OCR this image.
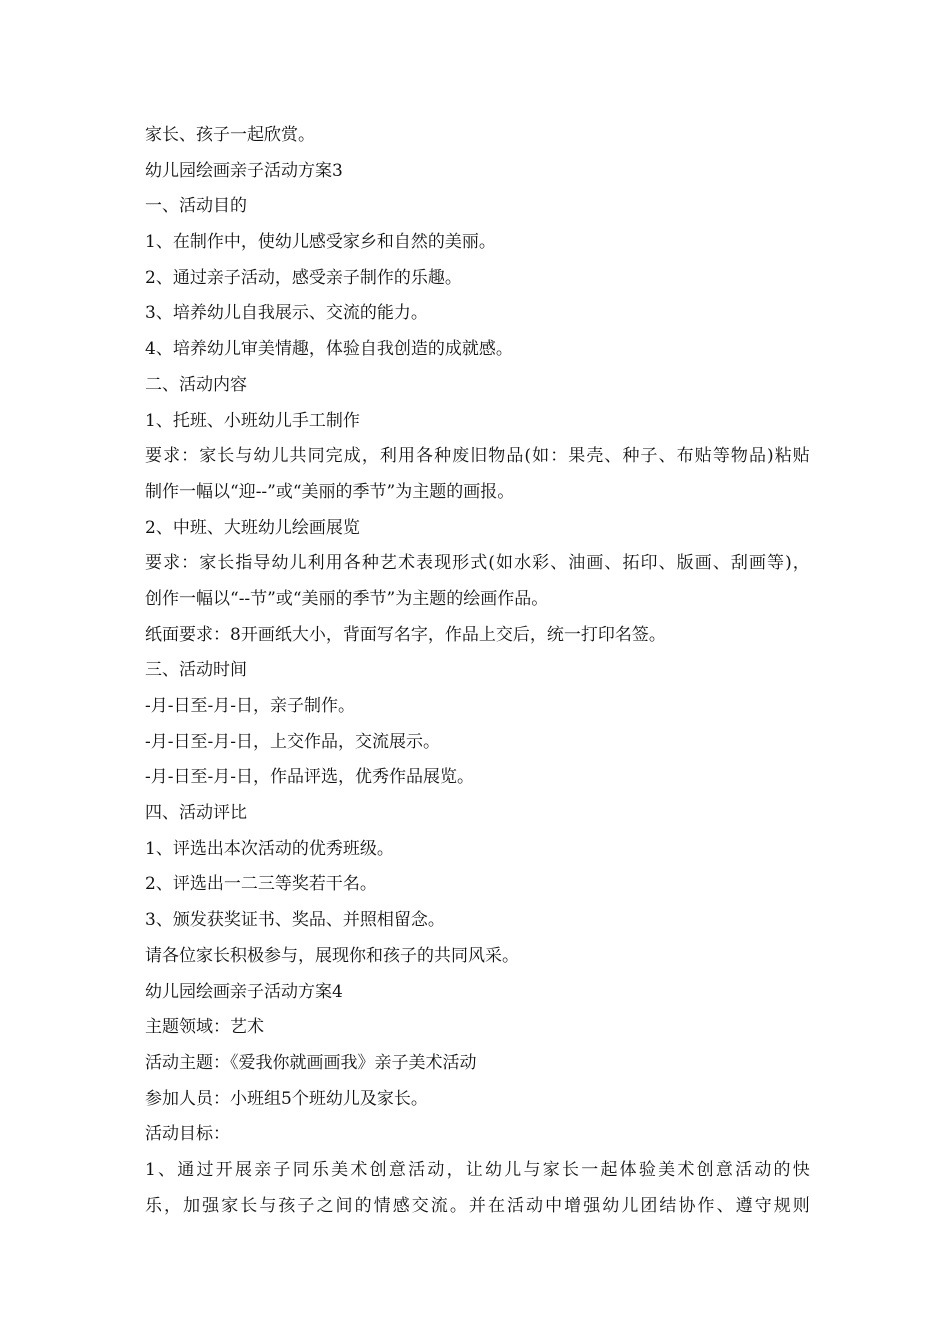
家长、孩子一起欣赏。
幼儿园绘画亲子活动方案3
一、活动目的
1、在制作中，使幼儿感受家乡和自然的美丽。
2、通过亲子活动，感受亲子制作的乐趣。
3、培养幼儿自我展示、交流的能力。
4、培养幼儿审美情趣，体验自我创造的成就感。
二、活动内容
1、托班、小班幼儿手工制作
要求：家长与幼儿共同完成，利用各种废旧物品(如：果壳、种子、布贴等物品)粘贴
制作一幅以“迎--”或“美丽的季节”为主题的画报。
2、中班、大班幼儿绘画展览
要求：家长指导幼儿利用各种艺术表现形式(如水彩、油画、拓印、版画、刮画等)，
创作一幅以“--节”或“美丽的季节”为主题的绘画作品。
纸面要求：8开画纸大小，背面写名字，作品上交后，统一打印名签。
三、活动时间
-月-日至-月-日，亲子制作。
-月-日至-月-日，上交作品，交流展示。
-月-日至-月-日，作品评选，优秀作品展览。
四、活动评比
1、评选出本次活动的优秀班级。
2、评选出一二三等奖若干名。
3、颁发获奖证书、奖品、并照相留念。
请各位家长积极参与，展现你和孩子的共同风采。
幼儿园绘画亲子活动方案4
主题领域：艺术
活动主题：《爱我你就画画我》亲子美术活动
参加人员：小班组5个班幼儿及家长。
活动目标：
1、通过开展亲子同乐美术创意活动，让幼儿与家长一起体验美术创意活动的快
乐，加强家长与孩子之间的情感交流。并在活动中增强幼儿团结协作、遵守规则
